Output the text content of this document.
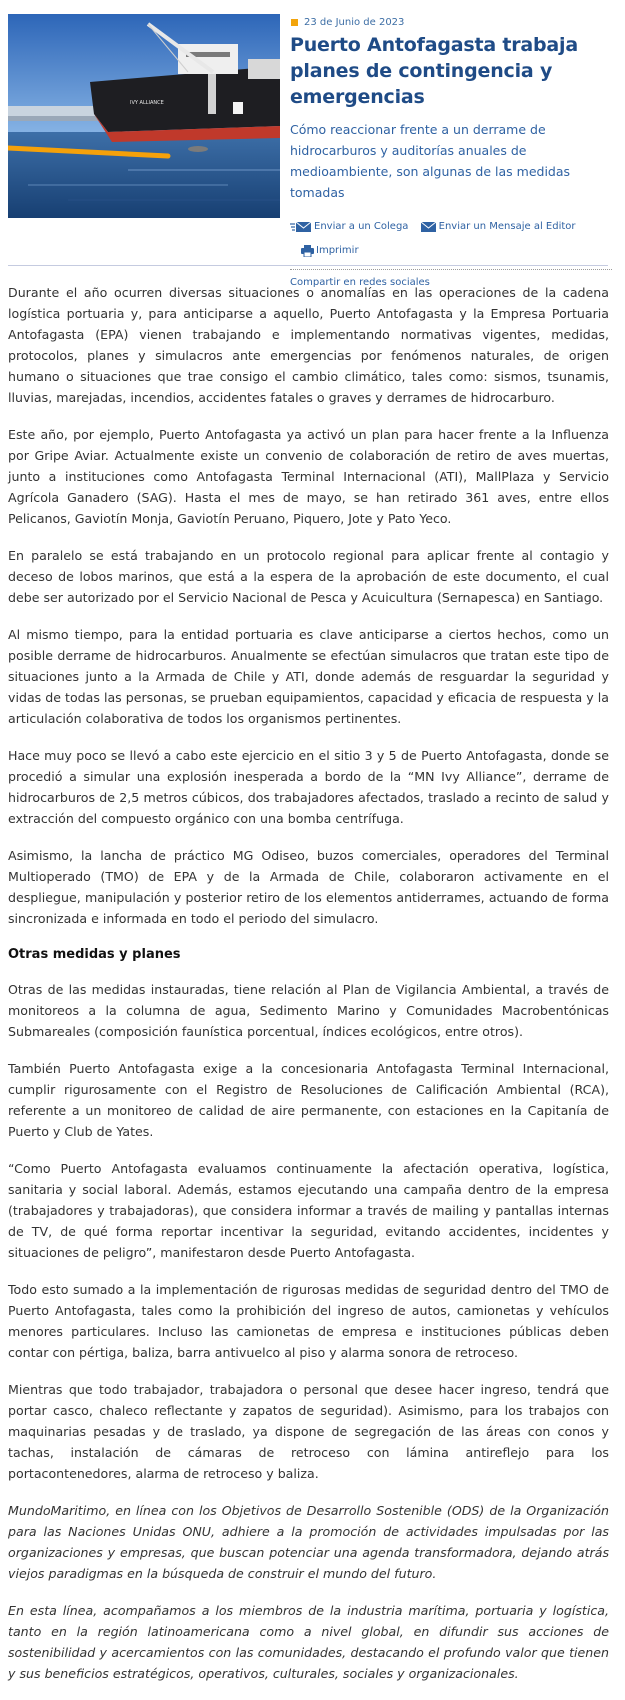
IVY ALLIANCE
23 de Junio de 2023
Puerto Antofagasta trabaja planes de contingencia y emergencias

Cómo reaccionar frente a un derrame de hidrocarburos y auditorías anuales de medioambiente, son algunas de las medidas tomadas

Enviar a un Colega
	Enviar un Mensaje al Editor

Imprimir
Compartir en redes sociales

Durante el año ocurren diversas situaciones o anomalías en las operaciones de la cadena logística portuaria y, para anticiparse a aquello, Puerto Antofagasta y la Empresa Portuaria Antofagasta (EPA) vienen trabajando e implementando normativas vigentes, medidas, protocolos, planes y simulacros ante emergencias por fenómenos naturales, de origen humano o situaciones que trae consigo el cambio climático, tales como: sismos, tsunamis, lluvias, marejadas, incendios, accidentes fatales o graves y derrames de hidrocarburo.

Este año, por ejemplo, Puerto Antofagasta ya activó un plan para hacer frente a la Influenza por Gripe Aviar. Actualmente existe un convenio de colaboración de retiro de aves muertas, junto a instituciones como Antofagasta Terminal Internacional (ATI), MallPlaza y Servicio Agrícola Ganadero (SAG). Hasta el mes de mayo, se han retirado 361 aves, entre ellos Pelicanos, Gaviotín Monja, Gaviotín Peruano, Piquero, Jote y Pato Yeco.

En paralelo se está trabajando en un protocolo regional para aplicar frente al contagio y deceso de lobos marinos, que está a la espera de la aprobación de este documento, el cual debe ser autorizado por el Servicio Nacional de Pesca y Acuicultura (Sernapesca) en Santiago.

Al mismo tiempo, para la entidad portuaria es clave anticiparse a ciertos hechos, como un posible derrame de hidrocarburos. Anualmente se efectúan simulacros que tratan este tipo de situaciones junto a la Armada de Chile y ATI, donde además de resguardar la seguridad y vidas de todas las personas, se prueban equipamientos, capacidad y eficacia de respuesta y la articulación colaborativa de todos los organismos pertinentes.

Hace muy poco se llevó a cabo este ejercicio en el sitio 3 y 5 de Puerto Antofagasta, donde se procedió a simular una explosión inesperada a bordo de la “MN Ivy Alliance”, derrame de hidrocarburos de 2,5 metros cúbicos, dos trabajadores afectados, traslado a recinto de salud y extracción del compuesto orgánico con una bomba centrífuga.

Asimismo, la lancha de práctico MG Odiseo, buzos comerciales, operadores del Terminal Multioperado (TMO) de EPA y de la Armada de Chile, colaboraron activamente en el despliegue, manipulación y posterior retiro de los elementos antiderrames, actuando de forma sincronizada e informada en todo el periodo del simulacro.

Otras medidas y planes

Otras de las medidas instauradas, tiene relación al Plan de Vigilancia Ambiental, a través de monitoreos a la columna de agua, Sedimento Marino y Comunidades Macrobentónicas Submareales (composición faunística porcentual, índices ecológicos, entre otros).

También Puerto Antofagasta exige a la concesionaria Antofagasta Terminal Internacional, cumplir rigurosamente con el Registro de Resoluciones de Calificación Ambiental (RCA), referente a un monitoreo de calidad de aire permanente, con estaciones en la Capitanía de Puerto y Club de Yates.

“Como Puerto Antofagasta evaluamos continuamente la afectación operativa, logística, sanitaria y social laboral. Además, estamos ejecutando una campaña dentro de la empresa (trabajadores y trabajadoras), que considera informar a través de mailing y pantallas internas de TV, de qué forma reportar incentivar la seguridad, evitando accidentes, incidentes y situaciones de peligro”, manifestaron desde Puerto Antofagasta.

Todo esto sumado a la implementación de rigurosas medidas de seguridad dentro del TMO de Puerto Antofagasta, tales como la prohibición del ingreso de autos, camionetas y vehículos menores particulares. Incluso las camionetas de empresa e instituciones públicas deben contar con pértiga, baliza, barra antivuelco al piso y alarma sonora de retroceso.

Mientras que todo trabajador, trabajadora o personal que desee hacer ingreso, tendrá que portar casco, chaleco reflectante y zapatos de seguridad). Asimismo, para los trabajos con maquinarias pesadas y de traslado, ya dispone de segregación de las áreas con conos y tachas, instalación de cámaras de retroceso con lámina antireflejo para los portacontenedores, alarma de retroceso y baliza.

MundoMaritimo, en línea con los Objetivos de Desarrollo Sostenible (ODS) de la Organización para las Naciones Unidas ONU, adhiere a la promoción de actividades impulsadas por las organizaciones y empresas, que buscan potenciar una agenda transformadora, dejando atrás viejos paradigmas en la búsqueda de construir el mundo del futuro.

En esta línea, acompañamos a los miembros de la industria marítima, portuaria y logística, tanto en la región latinoamericana como a nivel global, en difundir sus acciones de sostenibilidad y acercamientos con las comunidades, destacando el profundo valor que tienen y sus beneficios estratégicos, operativos, culturales, sociales y organizacionales.
